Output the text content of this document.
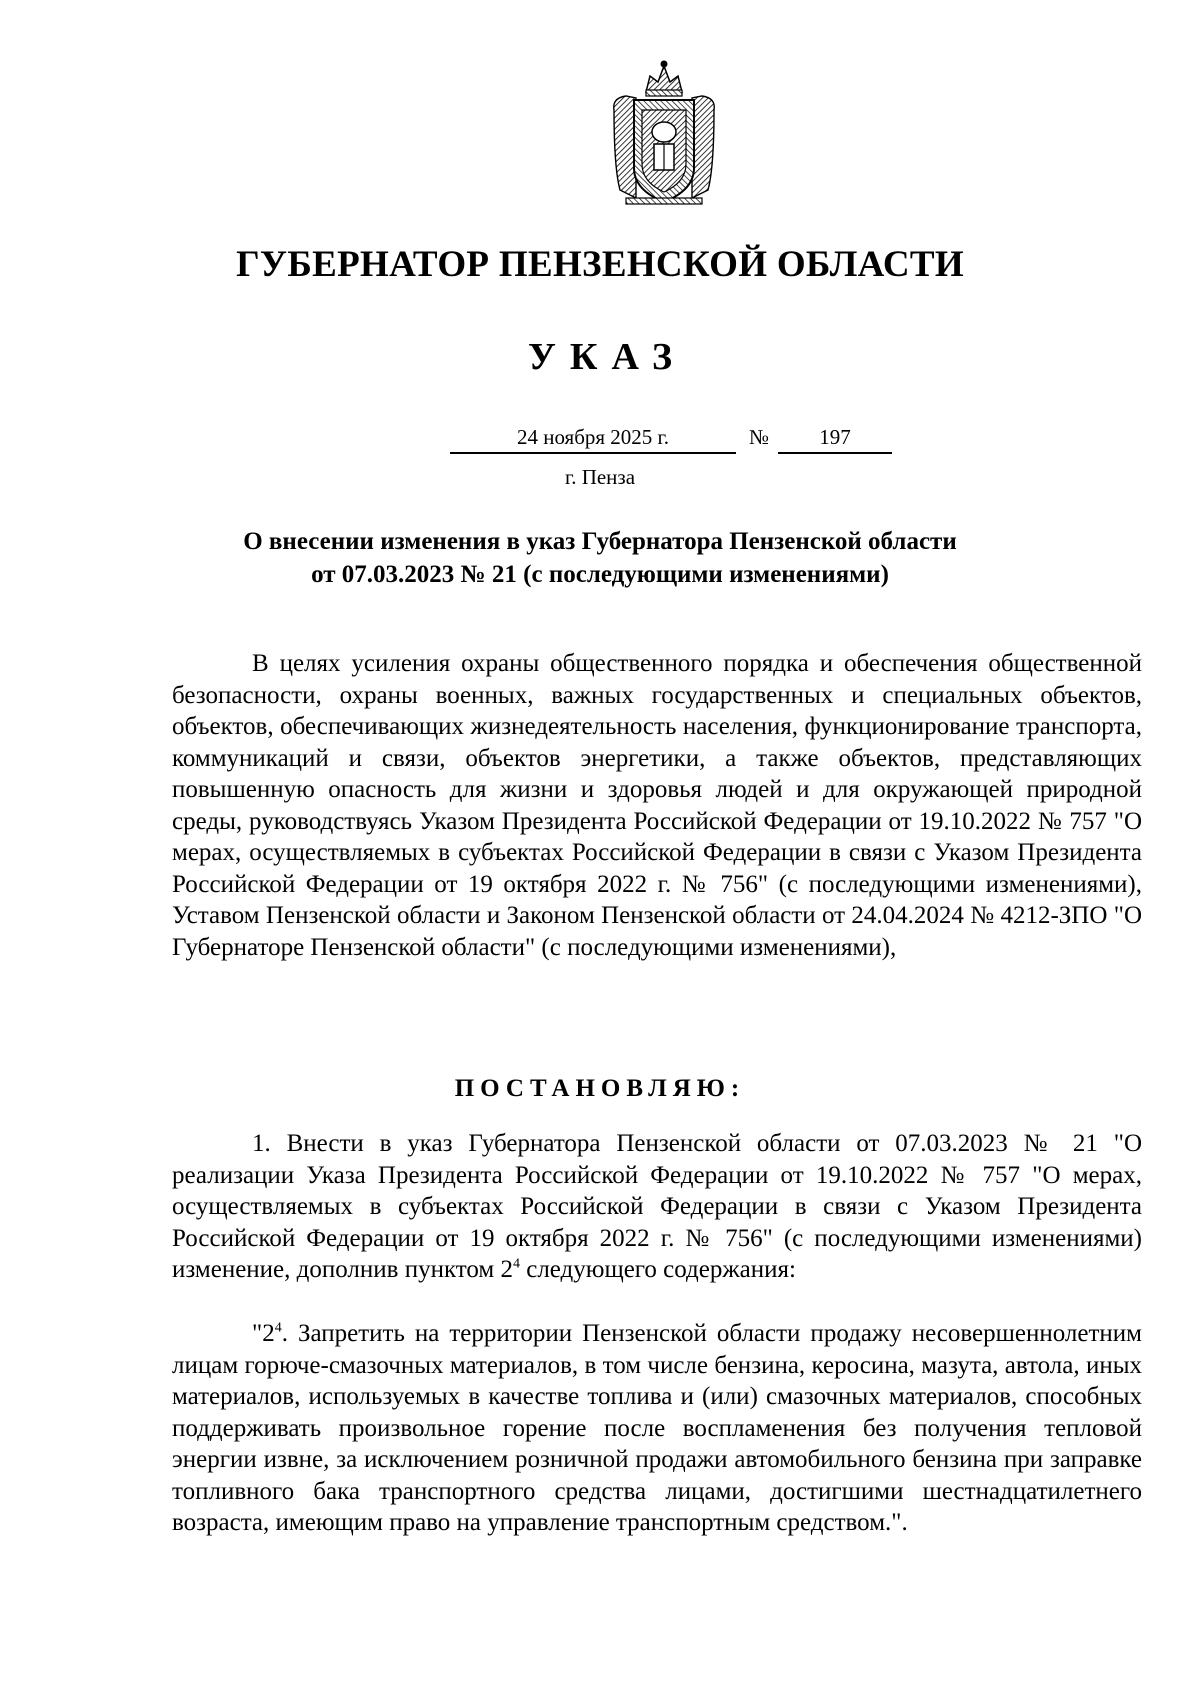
ГУБЕРНАТОР ПЕНЗЕНСКОЙ ОБЛАСТИ
УКАЗ
24 ноября 2025 г.	№	197
г. Пенза
О внесении изменения в указ Губернатора Пензенской области
от 07.03.2023 № 21 (с последующими изменениями)

В целях усиления охраны общественного порядка и обеспечения общественной безопасности, охраны военных, важных государственных и специальных объектов, объектов, обеспечивающих жизнедеятельность населения, функционирование транспорта, коммуникаций и связи, объектов энергетики, а также объектов, представляющих повышенную опасность для жизни и здоровья людей и для окружающей природной среды, руководствуясь Указом Президента Российской Федерации от 19.10.2022 № 757 "О мерах, осуществляемых в субъектах Российской Федерации в связи с Указом Президента Российской Федерации от 19 октября 2022 г. № 756" (с последующими изменениями), Уставом Пензенской области и Законом Пензенской области от 24.04.2024 № 4212-ЗПО "О Губернаторе Пензенской области" (с последующими изменениями),

ПОСТАНОВЛЯЮ:

1. Внести в указ Губернатора Пензенской области от 07.03.2023 № 21 "О реализации Указа Президента Российской Федерации от 19.10.2022 № 757 "О мерах, осуществляемых в субъектах Российской Федерации в связи с Указом Президента Российской Федерации от 19 октября 2022 г. № 756" (с последующими изменениями) изменение, дополнив пунктом $2^4$ следующего содержания:

"$2^4$. Запретить на территории Пензенской области продажу несовершеннолетним лицам горюче-смазочных материалов, в том числе бензина, керосина, мазута, автола, иных материалов, используемых в качестве топлива и (или) смазочных материалов, способных поддерживать произвольное горение после воспламенения без получения тепловой энергии извне, за исключением розничной продажи автомобильного бензина при заправке топливного бака транспортного средства лицами, достигшими шестнадцатилетнего возраста, имеющим право на управление транспортным средством.".
